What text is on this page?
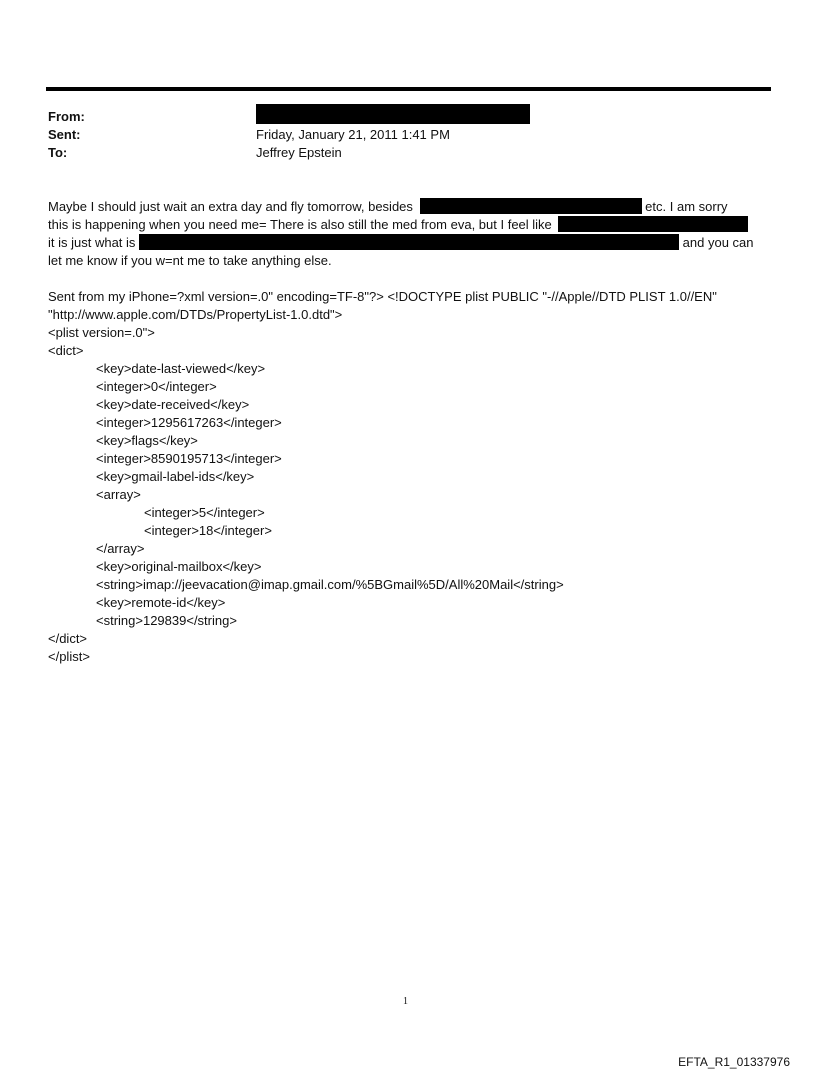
From:
Sent:	Friday, January 21, 2011 1:41 PM
To:	Jeffrey Epstein
Maybe I should just wait an extra day and fly tomorrow, besides	etc. I am sorry
this is happening when you need me= There is also still the med from eva, but I feel like
it is just what is	and you can
let me know if you w=nt me to take anything else.
Sent from my iPhone=?xml version=.0" encoding=TF-8"?> <!DOCTYPE plist PUBLIC "-//Apple//DTD PLIST 1.0//EN"
"http://www.apple.com/DTDs/PropertyList-1.0.dtd">
<plist version=.0">
<dict>
<key>date-last-viewed</key>
<integer>0</integer>
<key>date-received</key>
<integer>1295617263</integer>
<key>flags</key>
<integer>8590195713</integer>
<key>gmail-label-ids</key>
<array>
<integer>5</integer>
<integer>18</integer>
</array>
<key>original-mailbox</key>
<string>imap://jeevacation@imap.gmail.com/%5BGmail%5D/All%20Mail</string>
<key>remote-id</key>
<string>129839</string>
</dict>
</plist>
1
EFTA_R1_01337976
